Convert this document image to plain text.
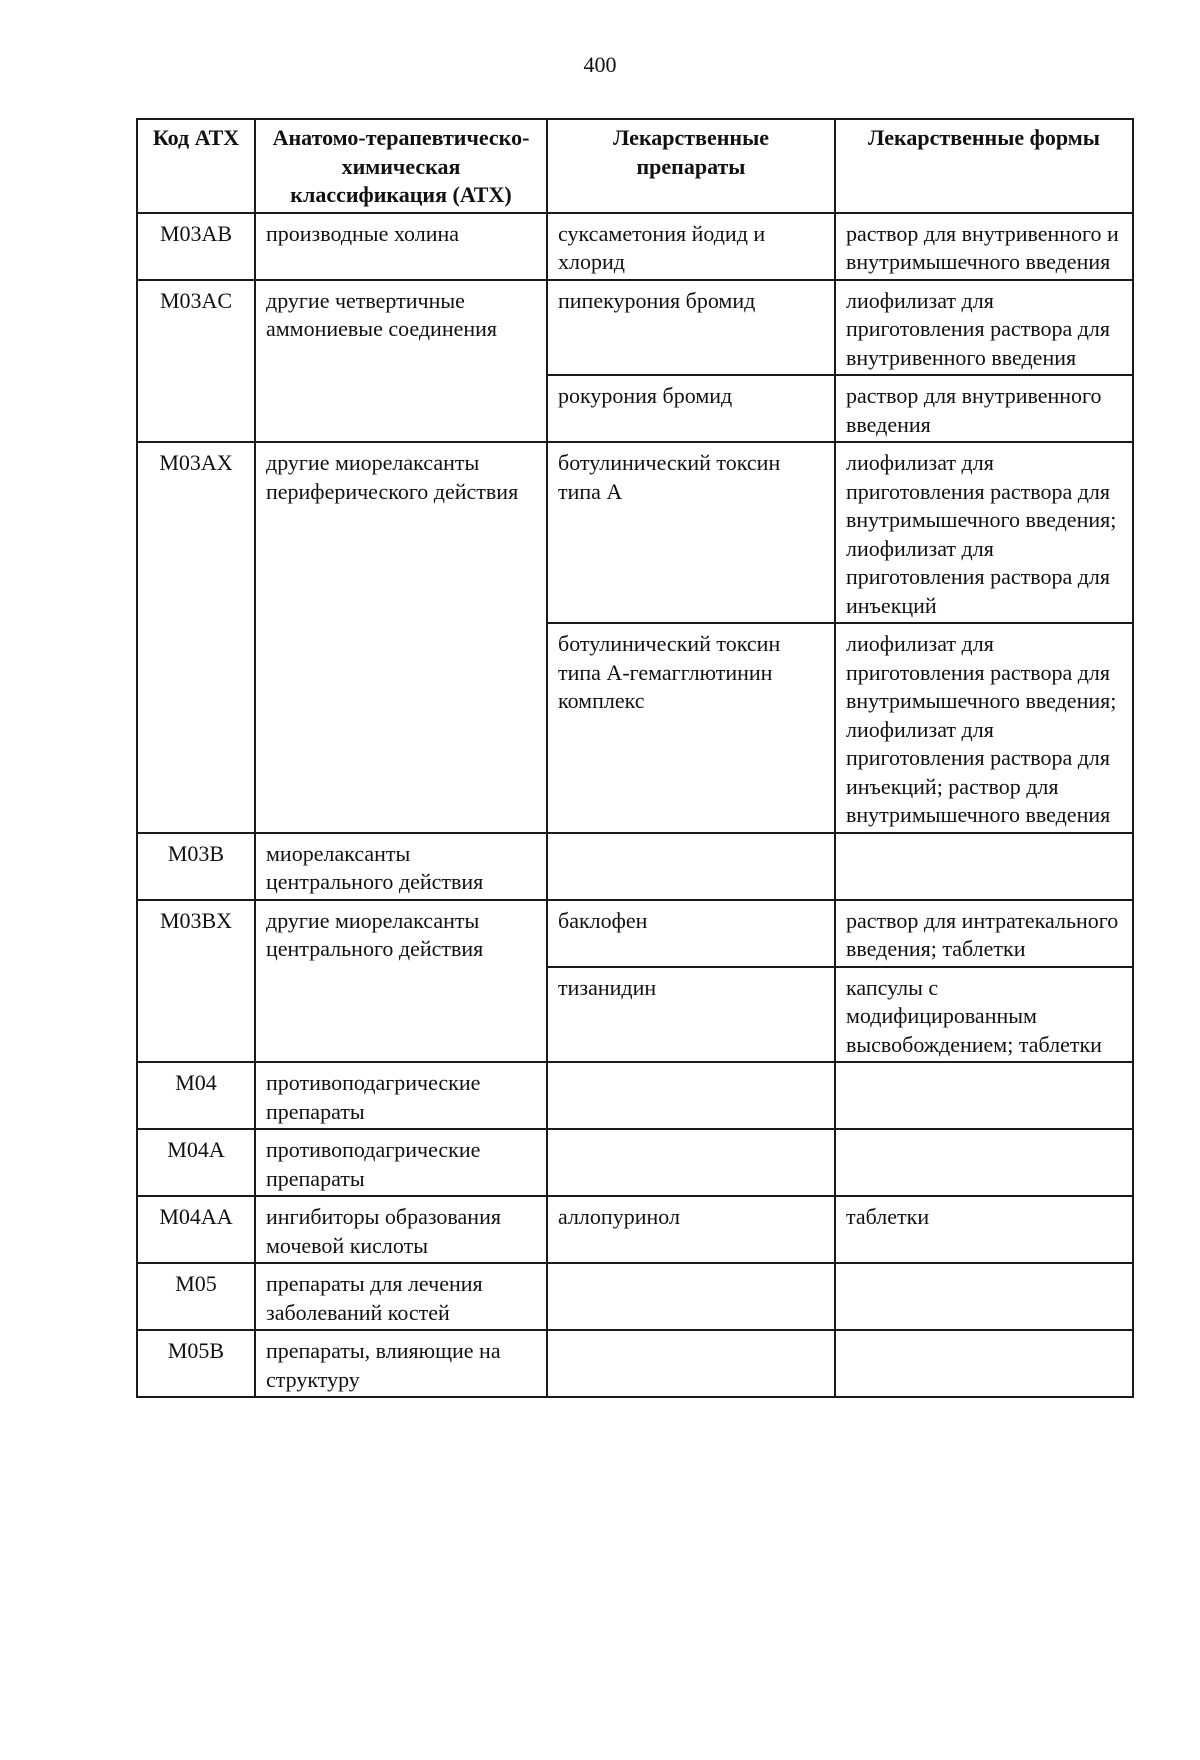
400
Код АТХ	Анатомо-терапевтическо-химическая классификация (АТХ)	Лекарственные препараты	Лекарственные формы
M03AB	производные холина	суксаметония йодид и хлорид	раствор для внутривенного и внутримышечного введения
M03AC	другие четвертичные аммониевые соединения	пипекурония бромид	лиофилизат для приготовления раствора для внутривенного введения
		рокурония бромид	раствор для внутривенного введения
M03AX	другие миорелаксанты периферического действия	ботулинический токсин типа А	лиофилизат для приготовления раствора для внутримышечного введения; лиофилизат для приготовления раствора для инъекций
		ботулинический токсин типа А-гемагглютинин комплекс	лиофилизат для приготовления раствора для внутримышечного введения; лиофилизат для приготовления раствора для инъекций; раствор для внутримышечного введения
M03B	миорелаксанты центрального действия		
M03BX	другие миорелаксанты центрального действия	баклофен	раствор для интратекального введения; таблетки
		тизанидин	капсулы с модифицированным высвобождением; таблетки
M04	противоподагрические препараты		
M04A	противоподагрические препараты		
M04AA	ингибиторы образования мочевой кислоты	аллопуринол	таблетки
M05	препараты для лечения заболеваний костей		
M05B	препараты, влияющие на структуру		
